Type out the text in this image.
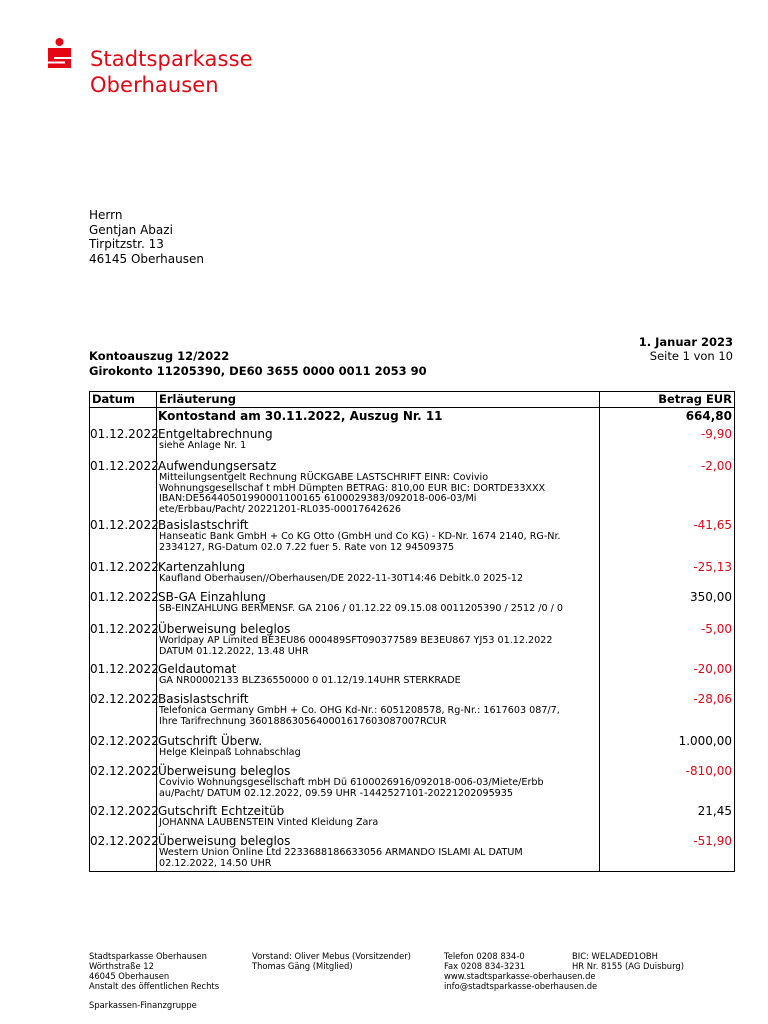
Stadtsparkasse
Oberhausen
Herrn
Gentjan Abazi
Tirpitzstr. 13
46145 Oberhausen
1. Januar 2023
Seite 1 von 10
Kontoauszug 12/2022
Girokonto 11205390, DE60 3655 0000 0011 2053 90
Datum Erläuterung	Betrag EUR
Kontostand am 30.11.2022, Auszug Nr. 11	664,80
01.12.2022 Entgeltabrechnung
siehe Anlage Nr. 1
-9,90
01.12.2022 Aufwendungsersatz
Mitteilungsentgelt Rechnung RÜCKGABE LASTSCHRIFT EINR: Covivio
Wohnungsgesellschaf t mbH Dümpten BETRAG: 810,00 EUR BIC: DORTDE33XXX
IBAN:DE56440501990001100165 6100029383/092018-006-03/Mi
ete/Erbbau/Pacht/ 20221201-RL035-00017642626
-2,00
01.12.2022 Basislastschrift
Hanseatic Bank GmbH + Co KG Otto (GmbH und Co KG) - KD-Nr. 1674 2140, RG-Nr.
2334127, RG-Datum 02.0 7.22 fuer 5. Rate von 12 94509375
-41,65
01.12.2022 Kartenzahlung
Kaufland Oberhausen//Oberhausen/DE 2022-11-30T14:46 Debitk.0 2025-12
-25,13
01.12.2022 SB-GA Einzahlung
SB-EINZAHLUNG BERMENSF. GA 2106 / 01.12.22 09.15.08 0011205390 / 2512 /0 / 0
350,00
01.12.2022 Überweisung beleglos
Worldpay AP Limited BE3EU86 000489SFT090377589 BE3EU867 YJ53 01.12.2022
DATUM 01.12.2022, 13.48 UHR
-5,00
01.12.2022 Geldautomat
GA NR00002133 BLZ36550000 0 01.12/19.14UHR STERKRADE
-20,00
02.12.2022 Basislastschrift
Telefonica Germany GmbH + Co. OHG Kd-Nr.: 6051208578, Rg-Nr.: 1617603 087/7,
Ihre Tarifrechnung 36018863056400016176030870​07RCUR
-28,06
02.12.2022 Gutschrift Überw.
Helge Kleinpaß Lohnabschlag
1.000,00
02.12.2022 Überweisung beleglos
Covivio Wohnungsgesellschaft mbH Dü 6100026916/092018-006-03/Miete/Erbb
au/Pacht/ DATUM 02.12.2022, 09.59 UHR -1442527101-20221202095935
-810,00
02.12.2022 Gutschrift Echtzeitüb
JOHANNA LAUBENSTEIN Vinted Kleidung Zara
21,45
02.12.2022 Überweisung beleglos
Western Union Online Ltd 2233688186633056 ARMANDO ISLAMI AL DATUM
02.12.2022, 14.50 UHR
-51,90
Stadtsparkasse Oberhausen
Wörthstraße 12
46045 Oberhausen
Anstalt des öffentlichen Rechts
Vorstand: Oliver Mebus (Vorsitzender)
Thomas Gäng (Mitglied)
Telefon 0208 834-0
Fax 0208 834-3231
www.stadtsparkasse-oberhausen.de
info@stadtsparkasse-oberhausen.de
BIC: WELADED1OBH
HR Nr. 8155 (AG Duisburg)
Sparkassen-Finanzgruppe
